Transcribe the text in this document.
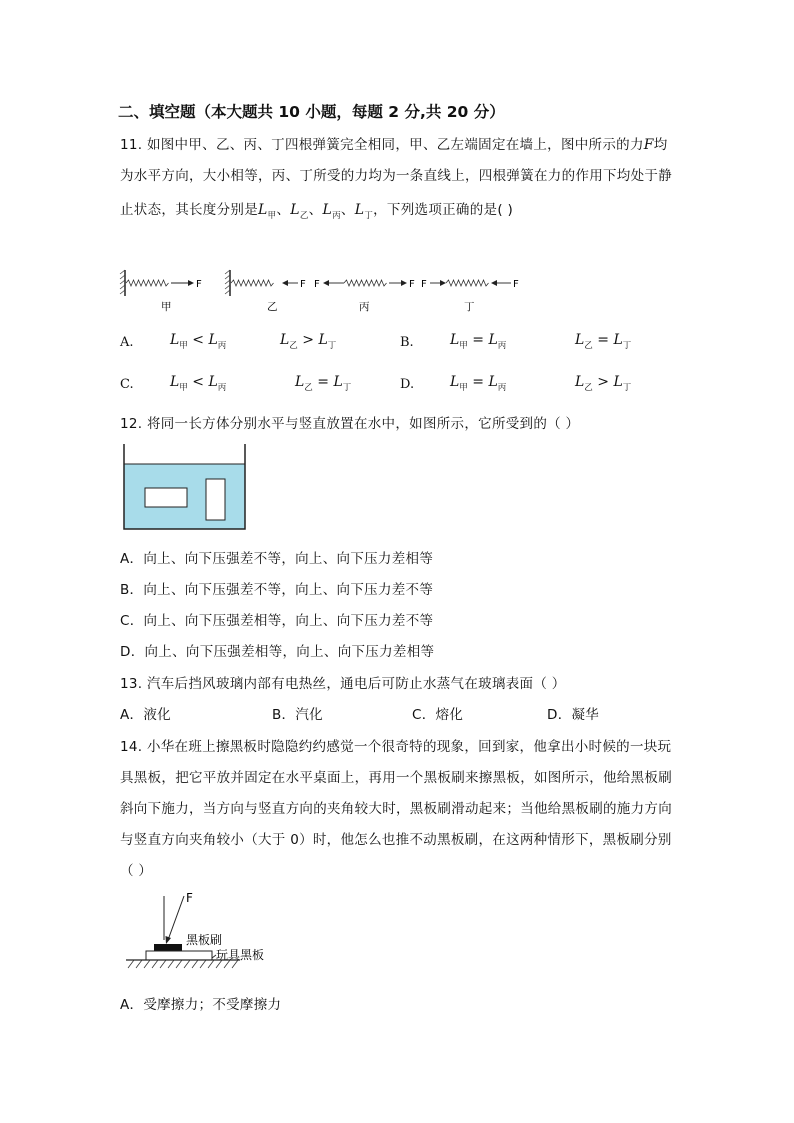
二、填空题（本大题共 10 小题，每题 2 分,共 20 分）
11. 如图中甲、乙、丙、丁四根弹簧完全相同，甲、乙左端固定在墙上，图中所示的力F均
为水平方向，大小相等，丙、丁所受的力均为一条直线上，四根弹簧在力的作用下均处于静
止状态，其长度分别是$L_甲$、$L_乙$、$L_丙$、$L_丁$，下列选项正确的是( )
F	F F	F F	F
甲	乙	丙	丁
A.	$L_甲 < L_丙$	$L_乙 > L_丁$	B.	$L_甲 = L_丙$	$L_乙 = L_丁$
C.	$L_甲 < L_丙$	$L_乙 = L_丁$	D.	$L_甲 = L_丙$	$L_乙 > L_丁$
12. 将同一长方体分别水平与竖直放置在水中，如图所示，它所受到的（ ）
A．向上、向下压强差不等，向上、向下压力差相等
B．向上、向下压强差不等，向上、向下压力差不等
C．向上、向下压强差相等，向上、向下压力差不等
D．向上、向下压强差相等，向上、向下压力差相等
13. 汽车后挡风玻璃内部有电热丝，通电后可防止水蒸气在玻璃表面（ ）
A．液化	B．汽化	C．熔化	D．凝华
14. 小华在班上擦黑板时隐隐约约感觉一个很奇特的现象，回到家，他拿出小时候的一块玩
具黑板，把它平放并固定在水平桌面上，再用一个黑板刷来擦黑板，如图所示，他给黑板刷
斜向下施力，当方向与竖直方向的夹角较大时，黑板刷滑动起来；当他给黑板刷的施力方向
与竖直方向夹角较小（大于 0）时，他怎么也推不动黑板刷，在这两种情形下，黑板刷分别
（ ）
F
黑板刷
玩具黑板
A．受摩擦力；不受摩擦力
